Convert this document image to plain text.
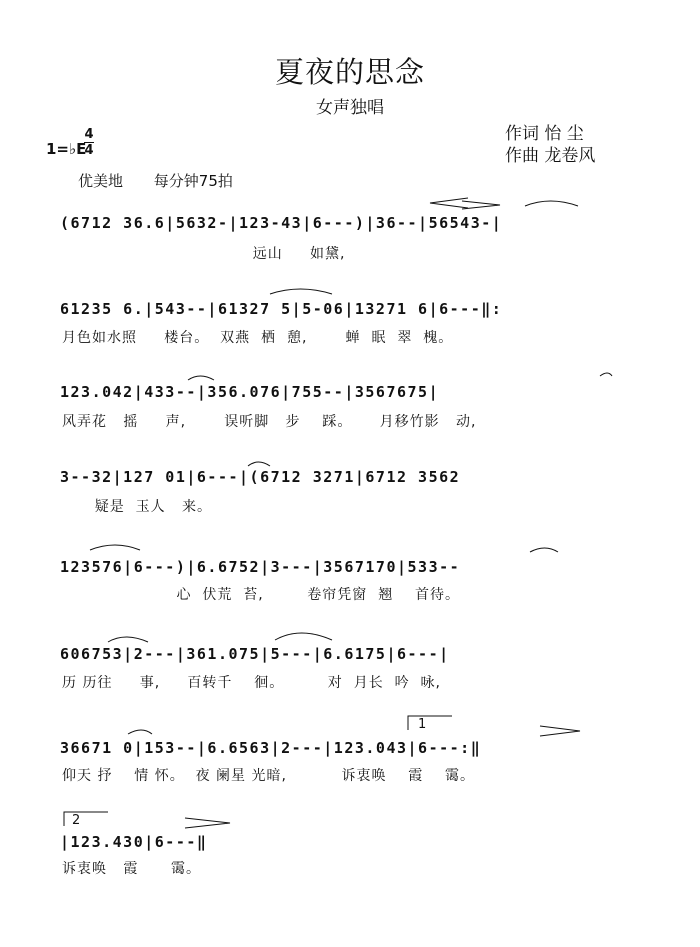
夏夜的思念
女声独唱
作词 怡 尘
作曲 龙卷风
1=♭E
4
4
优美地 每分钟75拍
(6712 36.6|5632-|123-43|6---)|36--|56543-|
远山     如黛,
61235 6.|543--|61327 5|5-06|13271 6|6---‖:
月色如水照     楼台。  双燕  栖  憩,       蝉  眠  翠  槐。
123.042|433--|356.076|755--|3567675|
风弄花   摇     声,       误听脚   步    踩。     月移竹影   动,
3--32|127 01|6---|(6712 3271|6712 3562
疑是  玉人   来。
123576|6---)|6.6752|3---|3567170|533--
心  伏荒  苔,        卷帘凭窗  翘    首待。
606753|2---|361.075|5---|6.6175|6---|
历 历往     事,     百转千    徊。        对  月长  吟  咏,
36671 0|153--|6.6563|2---|123.043|6---:‖
仰天 抒    情 怀。  夜 阑星 光暗,          诉衷唤    霞    霭。
|123.430|6---‖
诉衷唤   霞      霭。
1
2
